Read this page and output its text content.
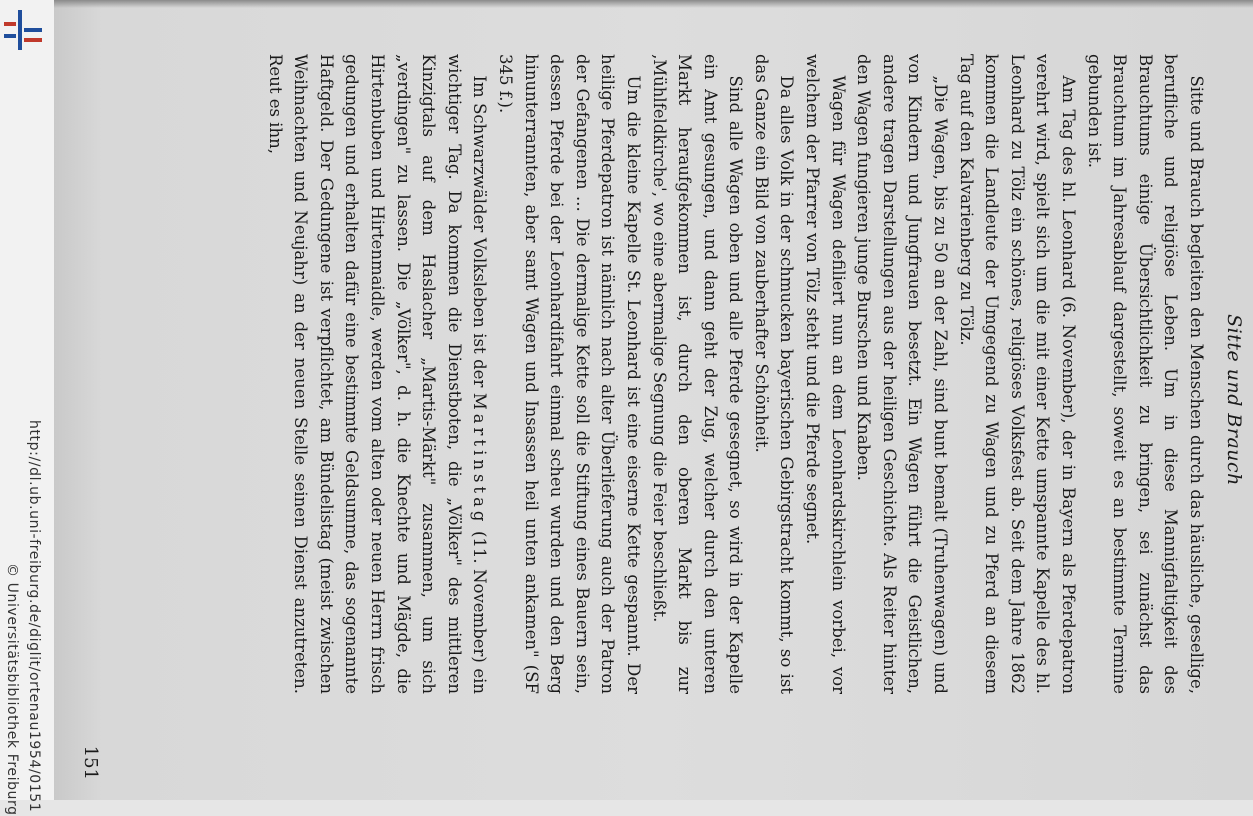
http://dl.ub.uni-freiburg.de/diglit/ortenau1954/0151
© Universitätsbibliothek Freiburg
Sitte und Brauch

Sitte und Brauch begleiten den Menschen durch das häusliche, gesellige, berufliche und religiöse Leben. Um in diese Mannigfaltigkeit des Brauchtums einige Übersichtlichkeit zu bringen, sei zunächst das Brauchtum im Jahresablauf dargestellt, soweit es an bestimmte Termine gebunden ist.

Am Tag des hl. Leonhard (6. November), der in Bayern als Pferdepatron verehrt wird, spielt sich um die mit einer Kette umspannte Kapelle des hl. Leonhard zu Tölz ein schönes, religiöses Volksfest ab. Seit dem Jahre 1862 kommen die Landleute der Umgegend zu Wagen und zu Pferd an diesem Tag auf den Kalvarienberg zu Tölz.

„Die Wagen, bis zu 50 an der Zahl, sind bunt bemalt (Truhenwagen) und von Kindern und Jungfrauen besetzt. Ein Wagen führt die Geistlichen, andere tragen Darstellungen aus der heiligen Geschichte. Als Reiter hinter den Wagen fungieren junge Burschen und Knaben.

Wagen für Wagen defiliert nun an dem Leonhardskirchlein vorbei, vor welchem der Pfarrer von Tölz steht und die Pferde segnet.

Da alles Volk in der schmucken bayerischen Gebirgstracht kommt, so ist das Ganze ein Bild von zauberhafter Schönheit.

Sind alle Wagen oben und alle Pferde gesegnet, so wird in der Kapelle ein Amt gesungen, und dann geht der Zug, welcher durch den unteren Markt heraufgekommen ist, durch den oberen Markt bis zur ‚Mühlfeldkirche', wo eine abermalige Segnung die Feier beschließt.

Um die kleine Kapelle St. Leonhard ist eine eiserne Kette gespannt. Der heilige Pferdepatron ist nämlich nach alter Überlieferung auch der Patron der Gefangenen ... Die dermalige Kette soll die Stiftung eines Bauern sein, dessen Pferde bei der Leonhardifahrt einmal scheu wurden und den Berg hinunterrannten, aber samt Wagen und Insassen heil unten ankamen" (SF 345 f.).

Im Schwarzwälder Volksleben ist der Martinstag (11. November) ein wichtiger Tag. Da kommen die Dienstboten, die „Völker" des mittleren Kinzigtals auf dem Haslacher „Martis-Märkt" zusammen, um sich „verdingen" zu lassen. Die „Völker", d. h. die Knechte und Mägde, die Hirtenbuben und Hirtenmaidle, werden vom alten oder neuen Herrn frisch gedungen und erhalten dafür eine bestimmte Geldsumme, das sogenannte Haftgeld. Der Gedungene ist verpflichtet, am Bündelistag (meist zwischen Weihnachten und Neujahr) an der neuen Stelle seinen Dienst anzutreten. Reut es ihn,

151
